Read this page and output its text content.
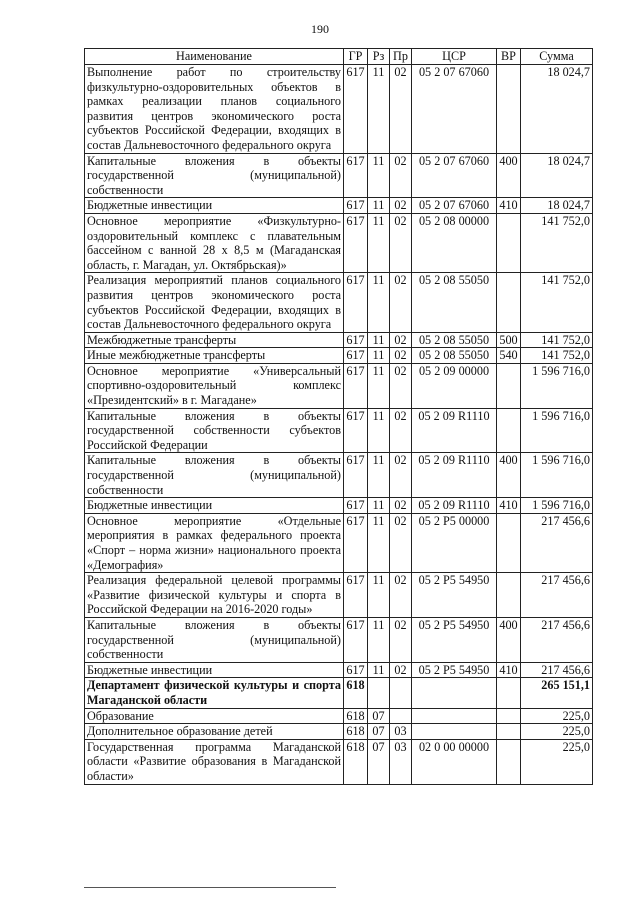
190
Наименование	ГР	Рз	Пр	ЦСР	ВР	Сумма
Выполнение работ по строительству физкультурно-оздоровительных объектов в рамках реализации планов социального развития центров экономического роста субъектов Российской Федерации, входящих в состав Дальневосточного федерального округа	617	11	02	05 2 07 67060		18 024,7
Капитальные вложения в объекты государственной (муниципальной) собственности	617	11	02	05 2 07 67060	400	18 024,7
Бюджетные инвестиции	617	11	02	05 2 07 67060	410	18 024,7
Основное мероприятие «Физкультурно-оздоровительный комплекс с плавательным бассейном с ванной 28 х 8,5 м (Магаданская область, г. Магадан, ул. Октябрьская)»	617	11	02	05 2 08 00000		141 752,0
Реализация мероприятий планов социального развития центров экономического роста субъектов Российской Федерации, входящих в состав Дальневосточного федерального округа	617	11	02	05 2 08 55050		141 752,0
Межбюджетные трансферты	617	11	02	05 2 08 55050	500	141 752,0
Иные межбюджетные трансферты	617	11	02	05 2 08 55050	540	141 752,0
Основное мероприятие «Универсальный спортивно-оздоровительный комплекс «Президентский» в г. Магадане»	617	11	02	05 2 09 00000		1 596 716,0
Капитальные вложения в объекты государственной собственности субъектов Российской Федерации	617	11	02	05 2 09 R1110		1 596 716,0
Капитальные вложения в объекты государственной (муниципальной) собственности	617	11	02	05 2 09 R1110	400	1 596 716,0
Бюджетные инвестиции	617	11	02	05 2 09 R1110	410	1 596 716,0
Основное мероприятие «Отдельные мероприятия в рамках федерального проекта «Спорт – норма жизни» национального проекта «Демография»	617	11	02	05 2 P5 00000		217 456,6
Реализация федеральной целевой программы «Развитие физической культуры и спорта в Российской Федерации на 2016-2020 годы»	617	11	02	05 2 P5 54950		217 456,6
Капитальные вложения в объекты государственной (муниципальной) собственности	617	11	02	05 2 P5 54950	400	217 456,6
Бюджетные инвестиции	617	11	02	05 2 P5 54950	410	217 456,6
Департамент физической культуры и спорта Магаданской области	618					265 151,1
Образование	618	07				225,0
Дополнительное образование детей	618	07	03			225,0
Государственная программа Магаданской области «Развитие образования в Магаданской области»	618	07	03	02 0 00 00000		225,0
